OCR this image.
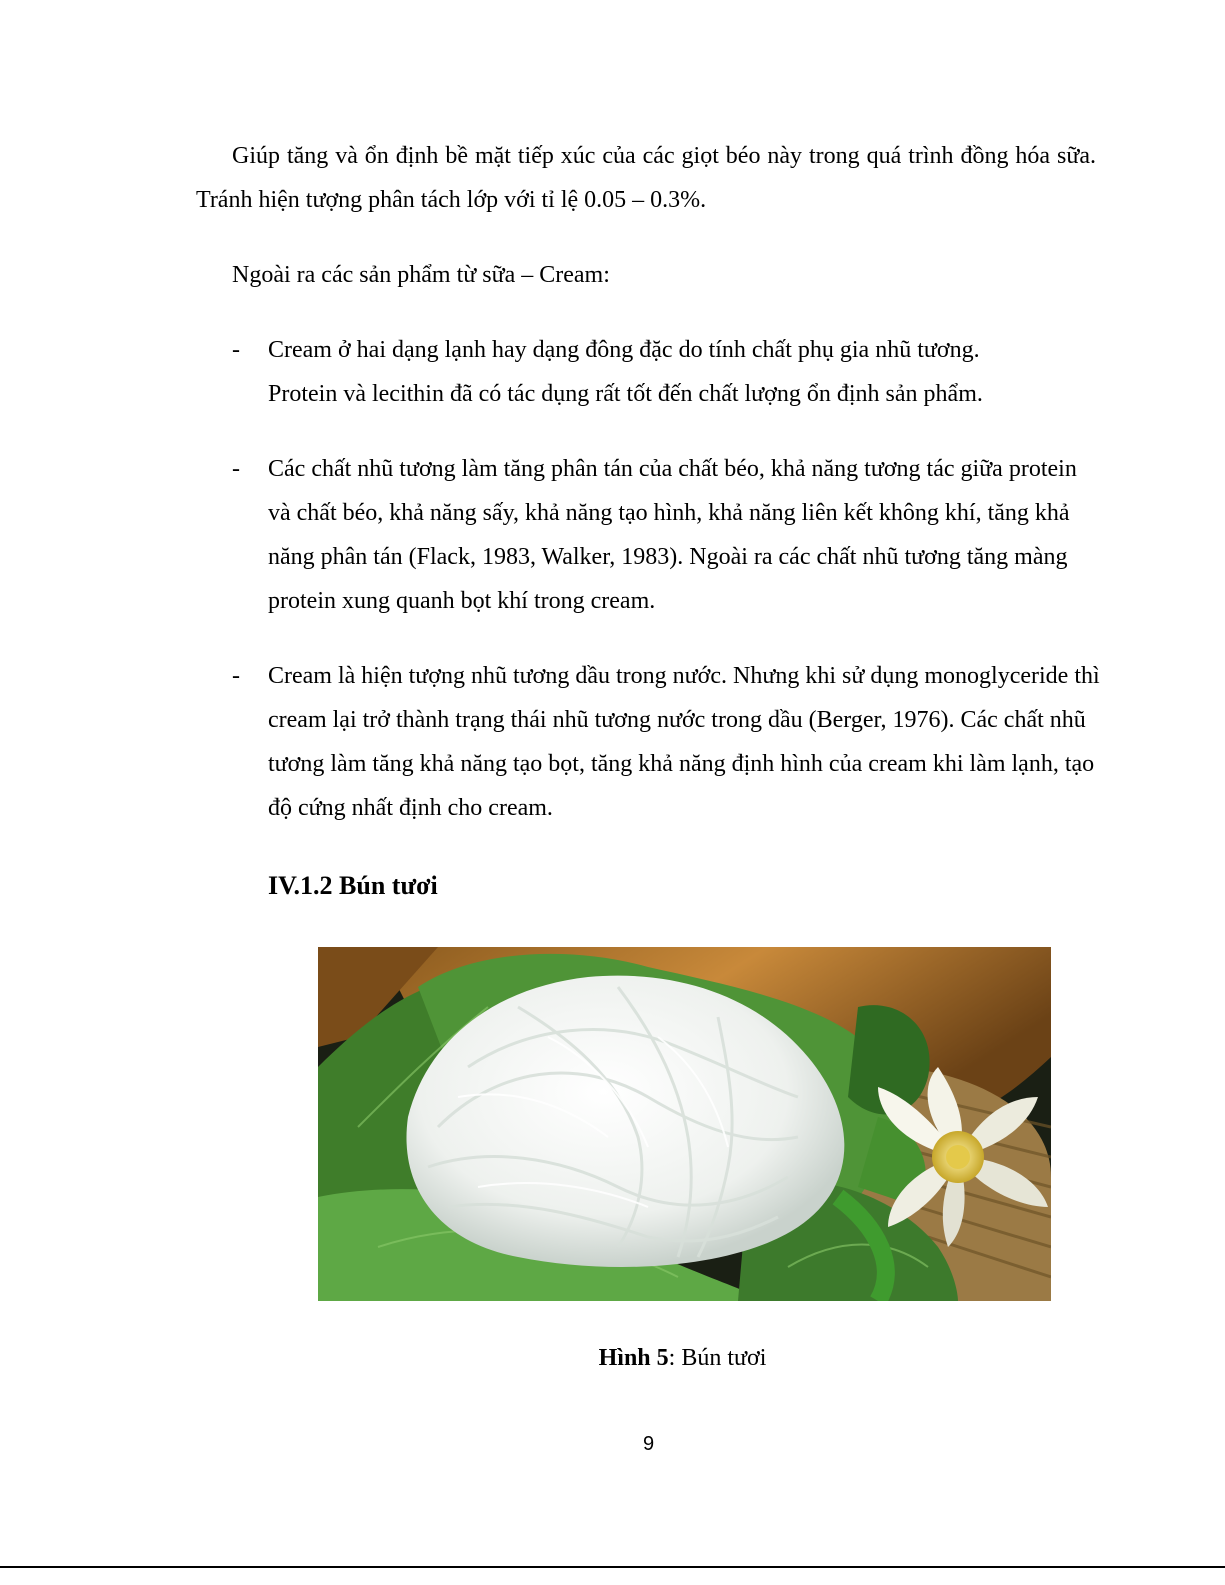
Giúp tăng và ổn định bề mặt tiếp xúc của các giọt béo này trong quá trình đồng hóa sữa. Tránh hiện tượng phân tách lớp với tỉ lệ 0.05 – 0.3%.

Ngoài ra các sản phẩm từ sữa – Cream:

- Cream ở hai dạng lạnh hay dạng đông đặc do tính chất phụ gia nhũ tương.
Protein và lecithin đã có tác dụng rất tốt đến chất lượng ổn định sản phẩm.
- Các chất nhũ tương làm tăng phân tán của chất béo, khả năng tương tác giữa protein và chất béo, khả năng sấy, khả năng tạo hình, khả năng liên kết không khí, tăng khả năng phân tán (Flack, 1983, Walker, 1983). Ngoài ra các chất nhũ tương tăng màng protein xung quanh bọt khí trong cream.
- Cream là hiện tượng nhũ tương dầu trong nước. Nhưng khi sử dụng monoglyceride thì cream lại trở thành trạng thái nhũ tương nước trong dầu (Berger, 1976). Các chất nhũ tương làm tăng khả năng tạo bọt, tăng khả năng định hình của cream khi làm lạnh, tạo độ cứng nhất định cho cream.
IV.1.2 Bún tươi
Hình 5: Bún tươi
9
